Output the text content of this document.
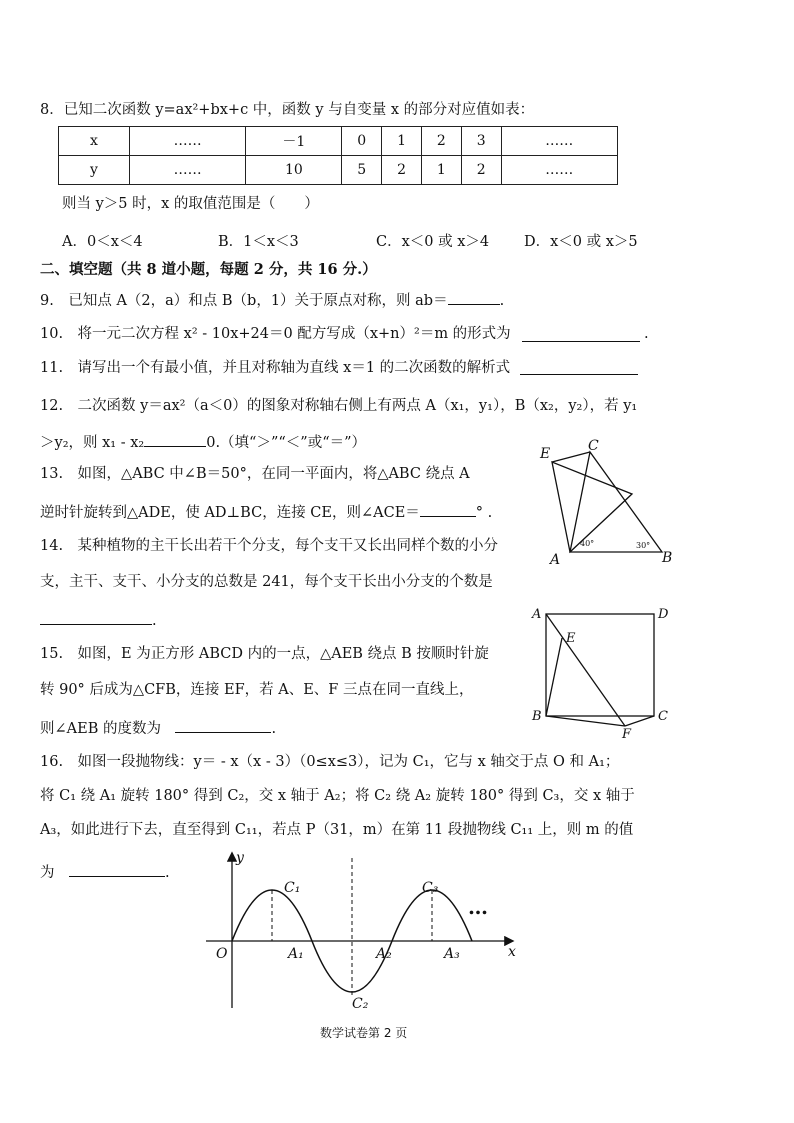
8．已知二次函数 y=ax²+bx+c 中，函数 y 与自变量 x 的部分对应值如表：
x	……	－1	0	1	2	3	……
y	……	10	5	2	1	2	……
则当 y＞5 时，x 的取值范围是（　　）
A．0＜x＜4	B．1＜x＜3	C．x＜0 或 x＞4 D．x＜0 或 x＞5
二、填空题（共 8 道小题，每题 2 分，共 16 分.）
9.　已知点 A（2，a）和点 B（b，1）关于原点对称，则 ab＝	.
10.　将一元二次方程 x² - 10x+24＝0 配方写成（x+n）²＝m 的形式为	.
11.　请写出一个有最小值，并且对称轴为直线 x＝1 的二次函数的解析式
12.　二次函数 y＝ax²（a＜0）的图象对称轴右侧上有两点 A（x₁，y₁），B（x₂，y₂），若 y₁
＞y₂，则 x₁ - x₂	0.（填“＞”“＜”或“＝”）
13.　如图，△ABC 中∠B＝50°，在同一平面内，将△ABC 绕点 A
逆时针旋转到△ADE，使 AD⊥BC，连接 CE，则∠ACE＝	° .
E	C
A	B
40°	30°
14.　某种植物的主干长出若干个分支，每个支干又长出同样个数的小分
支，主干、支干、小分支的总数是 241，每个支干长出小分支的个数是
.	A	D
E
B	C
F
15.　如图，E 为正方形 ABCD 内的一点，△AEB 绕点 B 按顺时针旋
转 90° 后成为△CFB，连接 EF，若 A、E、F 三点在同一直线上，
则∠AEB 的度数为　	.
16.　如图一段抛物线：y＝ - x（x - 3）（0≤x≤3），记为 C₁，它与 x 轴交于点 O 和 A₁；
将 C₁ 绕 A₁ 旋转 180° 得到 C₂，交 x 轴于 A₂；将 C₂ 绕 A₂ 旋转 180° 得到 C₃，交 x 轴于
A₃，如此进行下去，直至得到 C₁₁，若点 P（31，m）在第 11 段抛物线 C₁₁ 上，则 m 的值
为　	.
y
x
O	A₁	A₂	A₃
C₁
C₂
C₃
…
数学试卷第 2 页
